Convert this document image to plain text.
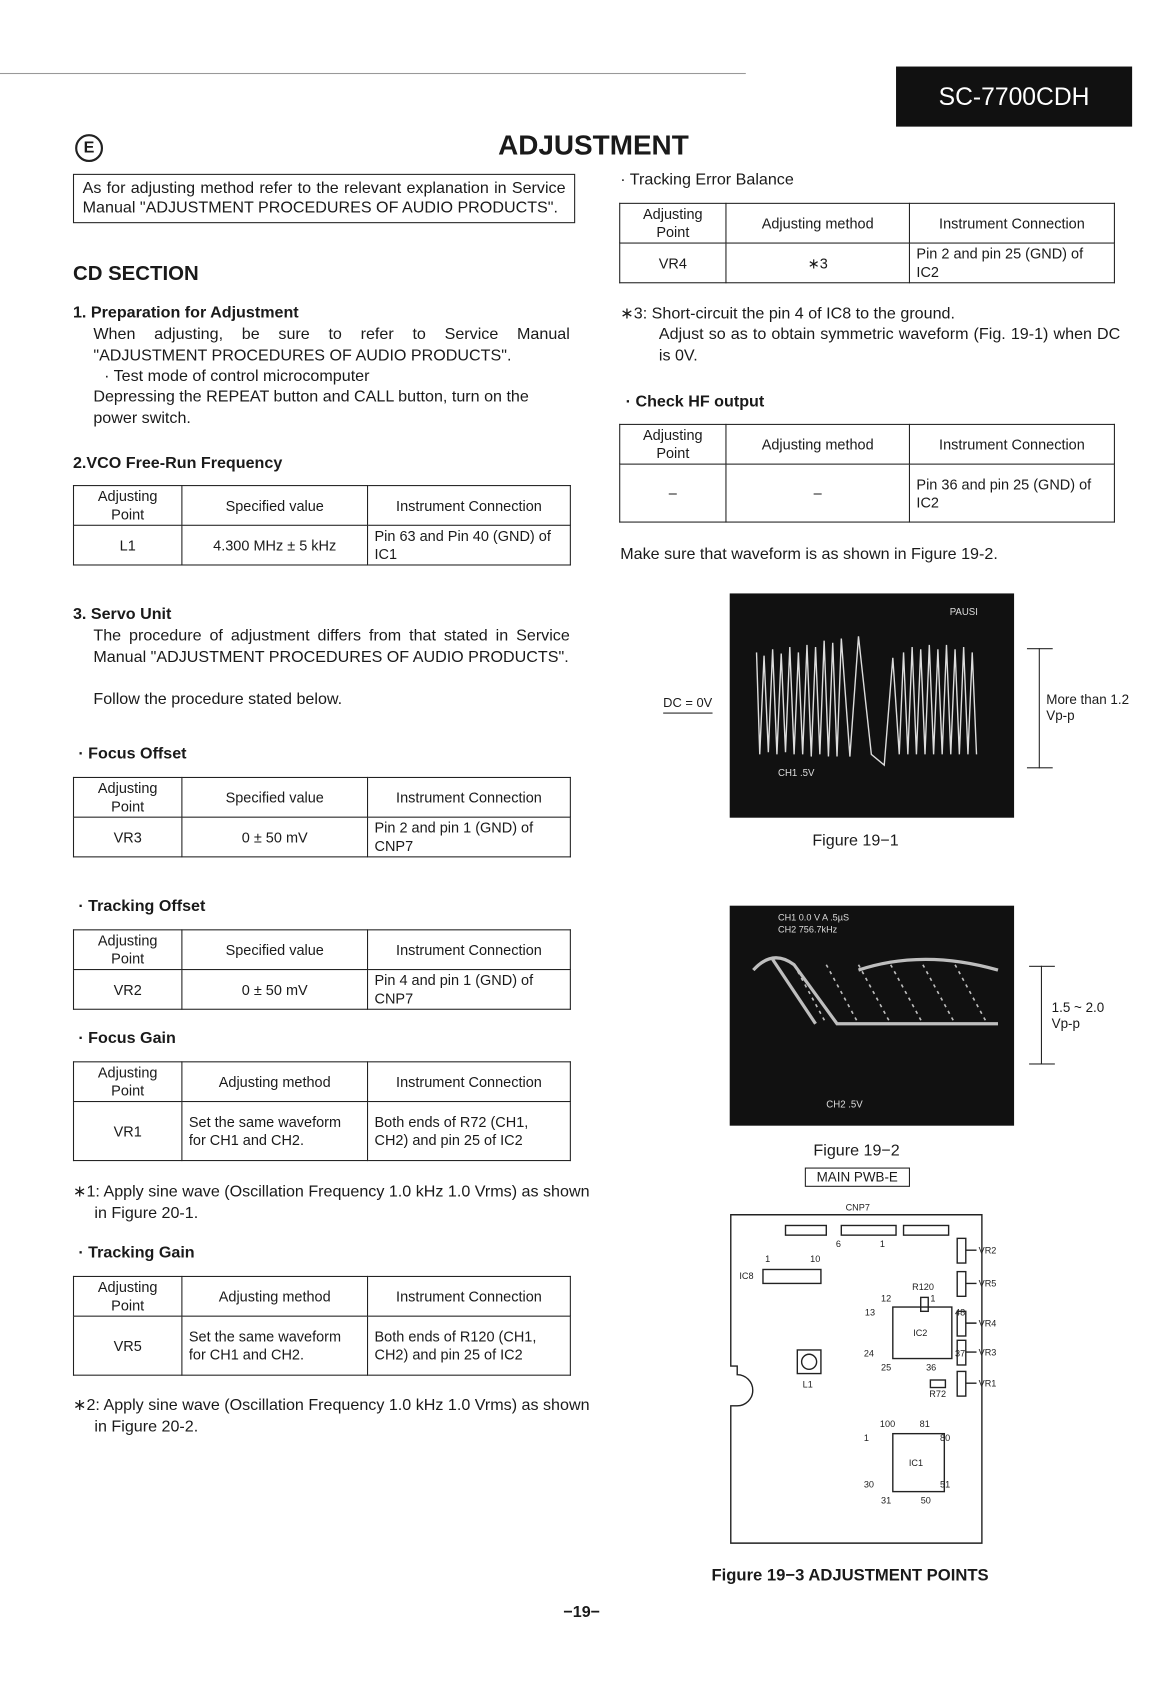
SC-7700CDH
E	ADJUSTMENT
As for adjusting method refer to the relevant explanation in Service Manual "ADJUSTMENT PROCEDURES OF AUDIO PRODUCTS".
CD SECTION
1. Preparation for Adjustment
When adjusting, be sure to refer to Service Manual "ADJUSTMENT PROCEDURES OF AUDIO PRODUCTS".
· Test mode of control microcomputer
Depressing the REPEAT button and CALL button, turn on the power switch.
2.VCO Free-Run Frequency
Adjusting Point	Specified value	Instrument Connection
L1	4.300 MHz ± 5 kHz	Pin 63 and Pin 40 (GND) of IC1
3. Servo Unit
The procedure of adjustment differs from that stated in Service Manual "ADJUSTMENT PROCEDURES OF AUDIO PRODUCTS".
Follow the procedure stated below.
· Focus Offset
Adjusting Point	Specified value	Instrument Connection
VR3	0 ± 50 mV	Pin 2 and pin 1 (GND) of CNP7
· Tracking Offset
Adjusting Point	Specified value	Instrument Connection
VR2	0 ± 50 mV	Pin 4 and pin 1 (GND) of CNP7
· Focus Gain
Adjusting Point	Adjusting method	Instrument Connection
VR1	Set the same waveform for CH1 and CH2.	Both ends of R72 (CH1, CH2) and pin 25 of IC2
∗1: Apply sine wave (Oscillation Frequency 1.0 kHz 1.0 Vrms) as shown in Figure 20-1.
· Tracking Gain
Adjusting Point	Adjusting method	Instrument Connection
VR5	Set the same waveform for CH1 and CH2.	Both ends of R120 (CH1, CH2) and pin 25 of IC2
∗2: Apply sine wave (Oscillation Frequency 1.0 kHz 1.0 Vrms) as shown in Figure 20-2.
· Tracking Error Balance
Adjusting Point	Adjusting method	Instrument Connection
VR4	∗3	Pin 2 and pin 25 (GND) of IC2
∗3: Short-circuit the pin 4 of IC8 to the ground.
Adjust so as to obtain symmetric waveform (Fig. 19-1) when DC is 0V.
· Check HF output
Adjusting Point	Adjusting method	Instrument Connection
–	–	Pin 36 and pin 25 (GND) of IC2
Make sure that waveform is as shown in Figure 19-2.
DC = 0V
PAUSI
CH1 .5V
More than 1.2 Vp-p
Figure 19−1
CH1 0.0 V A .5µS
CH2 756.7kHz
CH2 .5V
1.5 ~ 2.0 Vp-p
Figure 19−2
MAIN PWB-E
CNP7
6	1
IC8
1	10
R120
12
13
1
48
IC2
24	37
25	36
L1
R72
VR2
VR5
VR4
VR3
VR1
100	81
1	80
IC1
30	51
31	50
Figure 19−3 ADJUSTMENT POINTS
−19−
